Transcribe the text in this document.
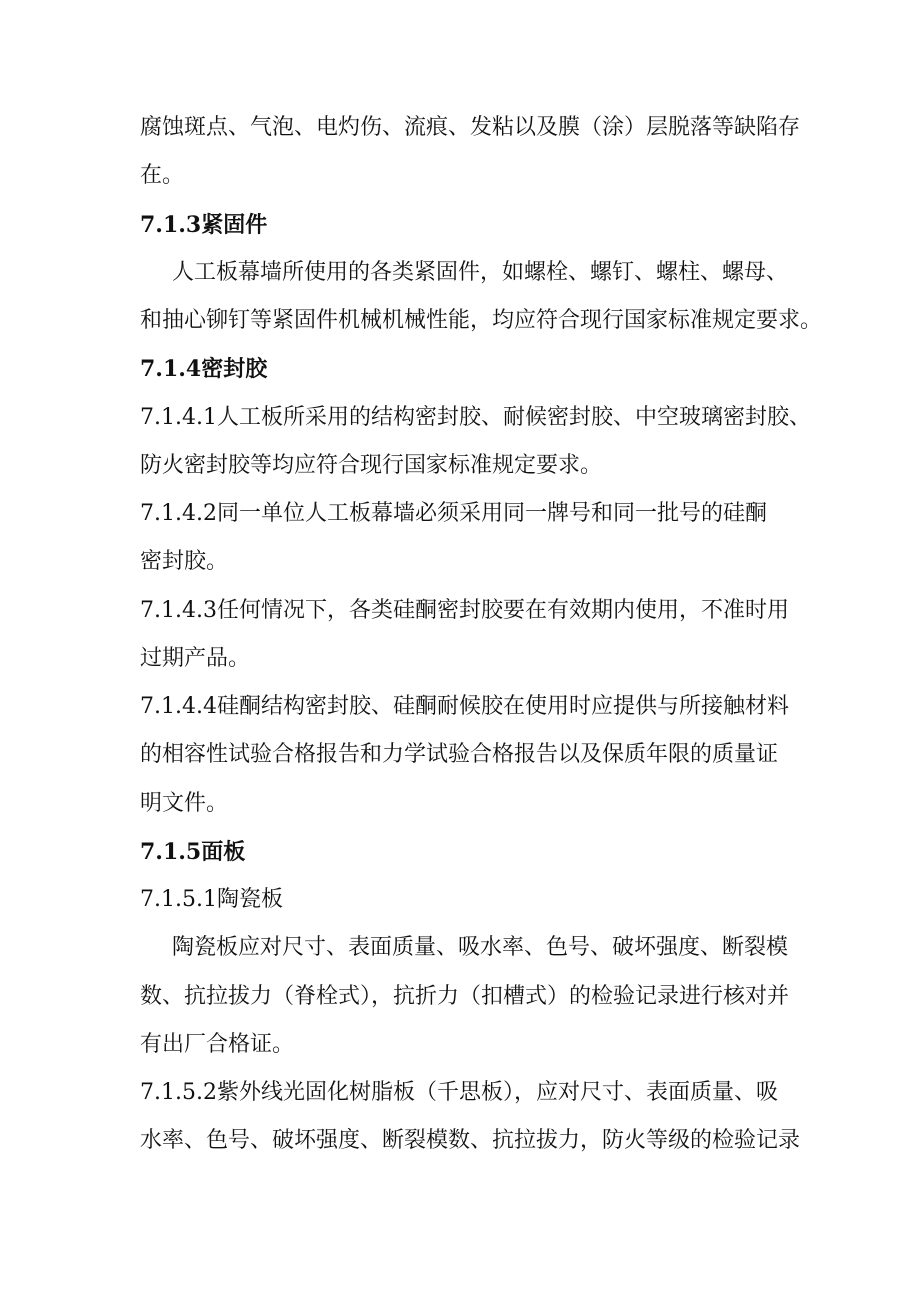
腐蚀斑点、气泡、电灼伤、流痕、发粘以及膜（涂）层脱落等缺陷存
在。
7.1.3紧固件
人工板幕墙所使用的各类紧固件，如螺栓、螺钉、螺柱、螺母、
和抽心铆钉等紧固件机械机械性能，均应符合现行国家标准规定要求。
7.1.4密封胶
7.1.4.1人工板所采用的结构密封胶、耐候密封胶、中空玻璃密封胶、
防火密封胶等均应符合现行国家标准规定要求。
7.1.4.2同一单位人工板幕墙必须采用同一牌号和同一批号的硅酮
密封胶。
7.1.4.3任何情况下，各类硅酮密封胶要在有效期内使用，不准时用
过期产品。
7.1.4.4硅酮结构密封胶、硅酮耐候胶在使用时应提供与所接触材料
的相容性试验合格报告和力学试验合格报告以及保质年限的质量证
明文件。
7.1.5面板
7.1.5.1陶瓷板
陶瓷板应对尺寸、表面质量、吸水率、色号、破坏强度、断裂模
数、抗拉拔力（脊栓式），抗折力（扣槽式）的检验记录进行核对并
有出厂合格证。
7.1.5.2紫外线光固化树脂板（千思板），应对尺寸、表面质量、吸
水率、色号、破坏强度、断裂模数、抗拉拔力，防火等级的检验记录
